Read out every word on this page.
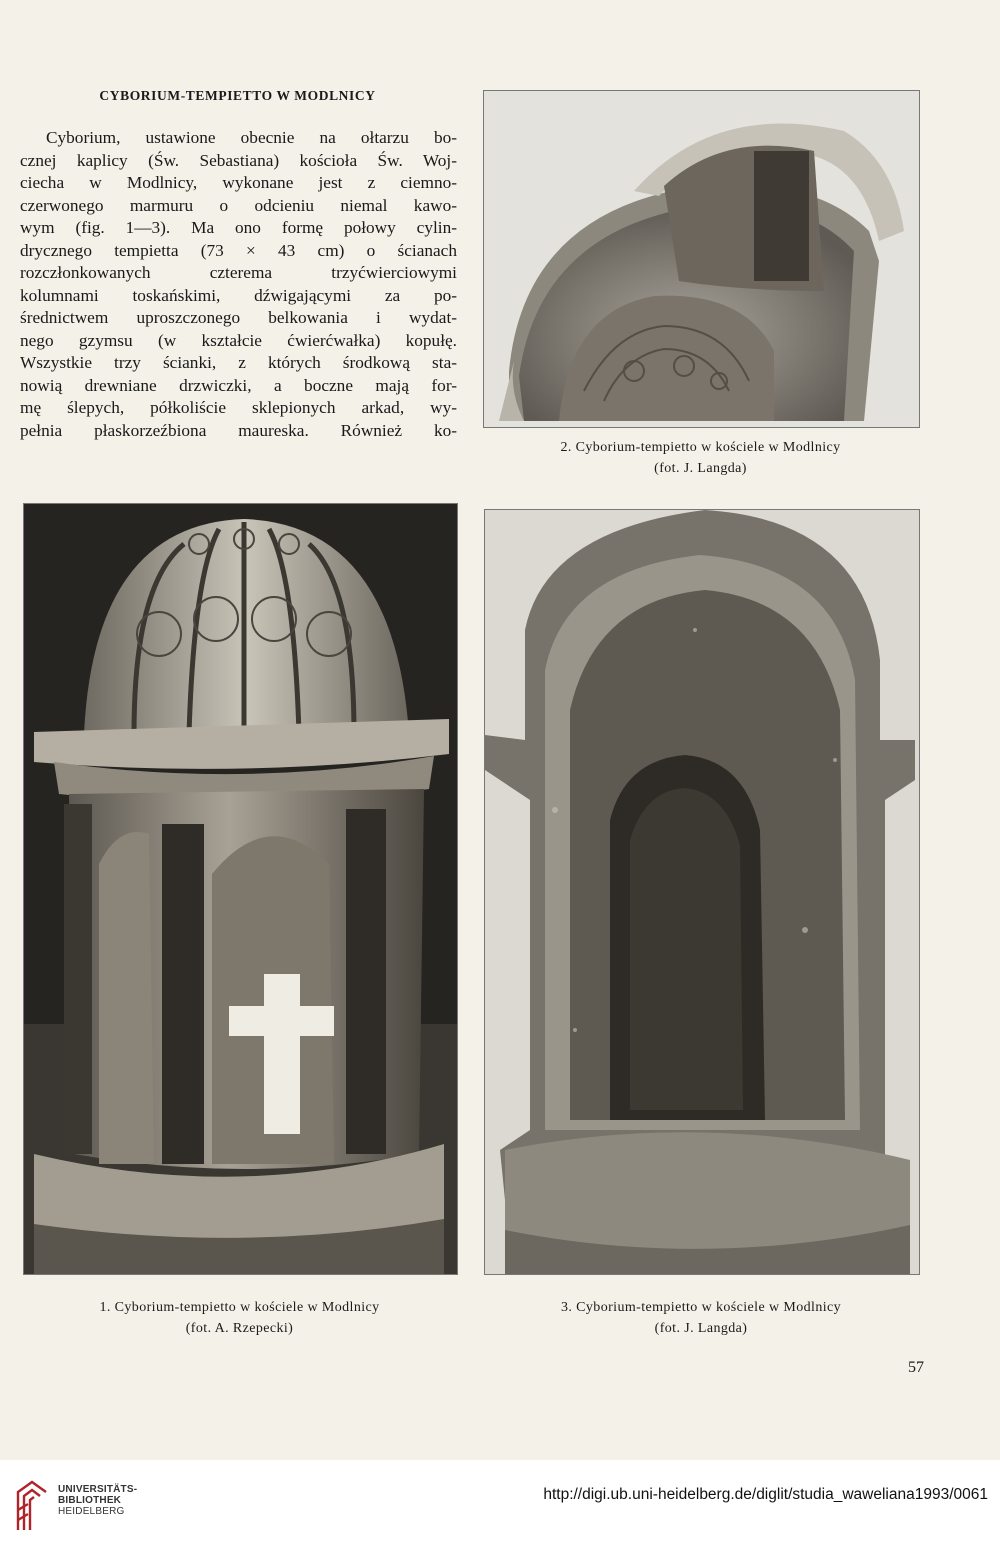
CYBORIUM-TEMPIETTO W MODLNICY
Cyborium, ustawione obecnie na ołtarzu bo-
cznej kaplicy (Św. Sebastiana) kościoła Św. Woj-
ciecha w Modlnicy, wykonane jest z ciemno-
czerwonego marmuru o odcieniu niemal kawo-
wym (fig. 1—3). Ma ono formę połowy cylin-
drycznego tempietta (73 × 43 cm) o ścianach
rozczłonkowanych czterema trzyćwierciowymi
kolumnami toskańskimi, dźwigającymi za po-
średnictwem uproszczonego belkowania i wydat-
nego gzymsu (w kształcie ćwierćwałka) kopułę.
Wszystkie trzy ścianki, z których środkową sta-
nowią drewniane drzwiczki, a boczne mają for-
mę ślepych, półkoliście sklepionych arkad, wy-
pełnia płaskorzeźbiona maureska. Również ko-
2. Cyborium-tempietto w kościele w Modlnicy
(fot. J. Langda)
1. Cyborium-tempietto w kościele w Modlnicy
(fot. A. Rzepecki)
3. Cyborium-tempietto w kościele w Modlnicy
(fot. J. Langda)
57
UNIVERSITÄTS-
BIBLIOTHEK
HEIDELBERG
http://digi.ub.uni-heidelberg.de/diglit/studia_waweliana1993/0061
